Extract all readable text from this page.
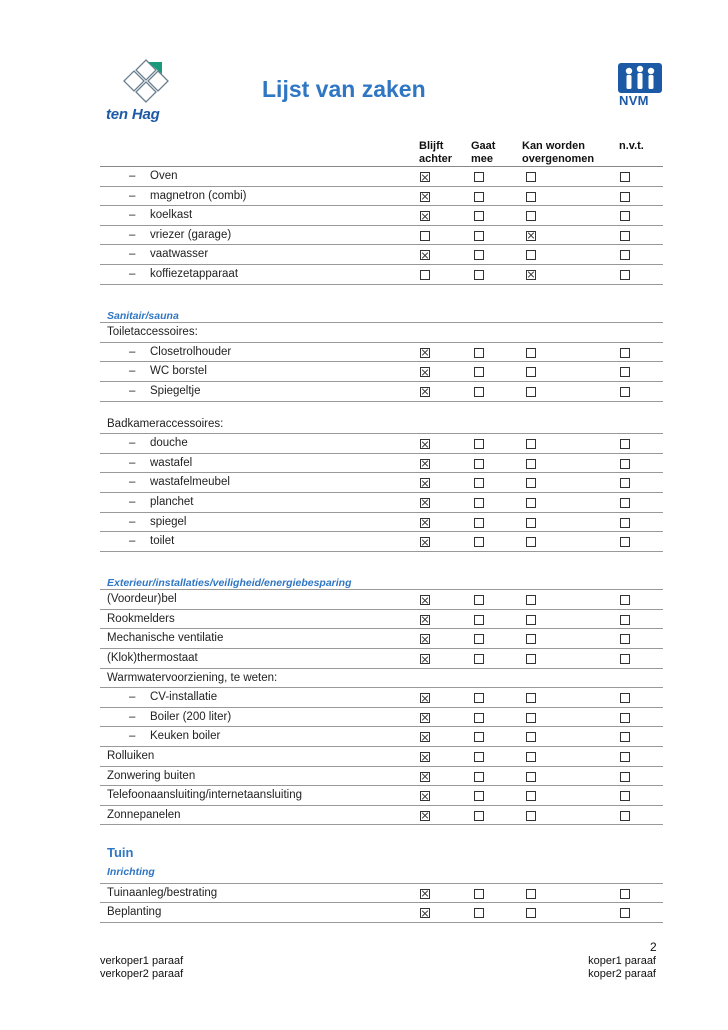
ten Hag
Lijst van zaken	NVM
Blijft
achter
Gaat
mee
Kan worden
overgenomen
n.v.t.
– Oven
– magnetron (combi)
– koelkast
– vriezer (garage)
– vaatwasser
– koffiezetapparaat
Sanitair/sauna
Toiletaccessoires:
– Closetrolhouder
– WC borstel
– Spiegeltje
Badkameraccessoires:
– douche
– wastafel
– wastafelmeubel
– planchet
– spiegel
– toilet
Exterieur/installaties/veiligheid/energiebesparing
(Voordeur)bel
Rookmelders
Mechanische ventilatie
(Klok)thermostaat
Warmwatervoorziening, te weten:
– CV-installatie
– Boiler (200 liter)
– Keuken boiler
Rolluiken
Zonwering buiten
Telefoonaansluiting/internetaansluiting
Zonnepanelen
Tuin
Inrichting
Tuinaanleg/bestrating
Beplanting
2
verkoper1 paraaf
verkoper2 paraaf
koper1 paraaf
koper2 paraaf
